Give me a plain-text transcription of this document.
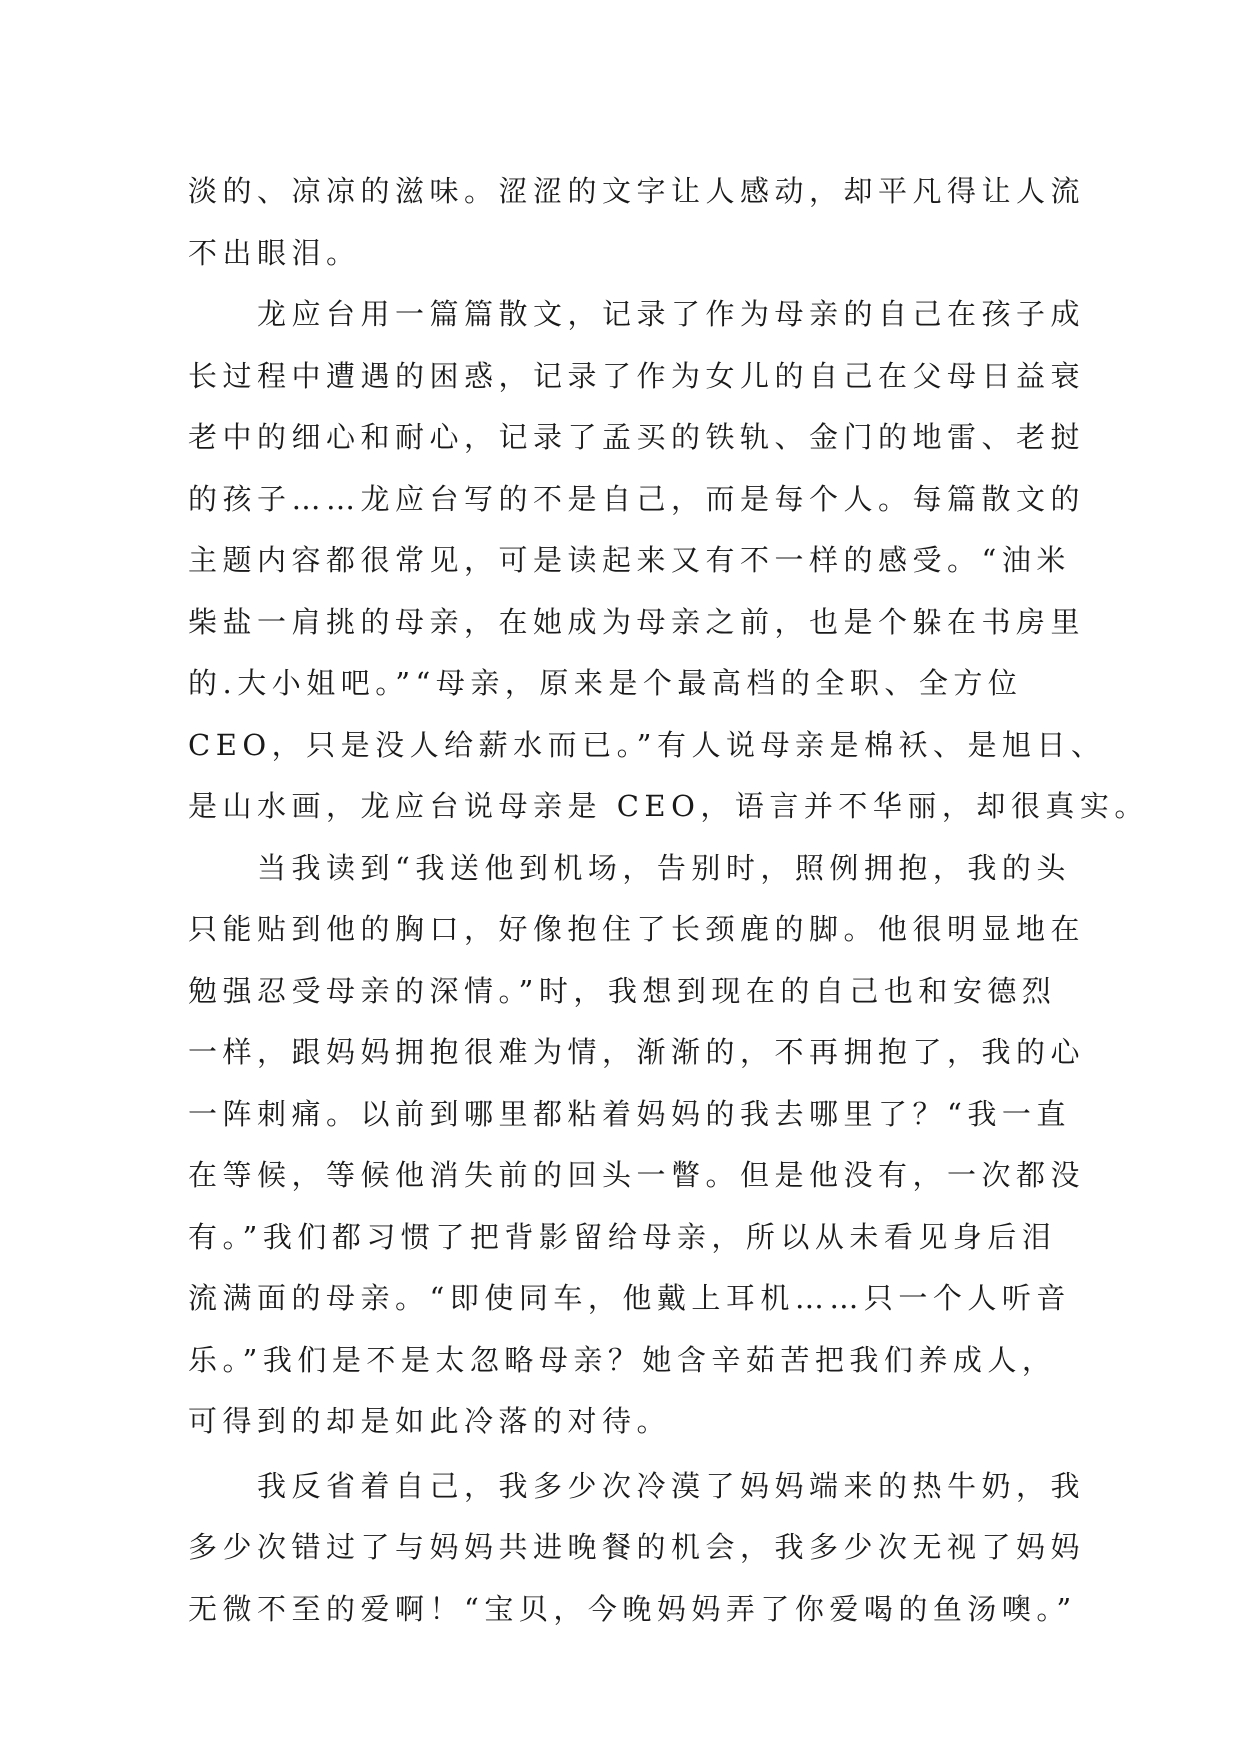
淡的、凉凉的滋味。涩涩的文字让人感动，却平凡得让人流
不出眼泪。
　　龙应台用一篇篇散文，记录了作为母亲的自己在孩子成
长过程中遭遇的困惑，记录了作为女儿的自己在父母日益衰
老中的细心和耐心，记录了孟买的铁轨、金门的地雷、老挝
的孩子……龙应台写的不是自己，而是每个人。每篇散文的
主题内容都很常见，可是读起来又有不一样的感受。“油米
柴盐一肩挑的母亲，在她成为母亲之前，也是个躲在书房里
的.大小姐吧。”“母亲，原来是个最高档的全职、全方位
CEO，只是没人给薪水而已。”有人说母亲是棉袄、是旭日、
是山水画，龙应台说母亲是 CEO，语言并不华丽，却很真实。
　　当我读到“我送他到机场，告别时，照例拥抱，我的头
只能贴到他的胸口，好像抱住了长颈鹿的脚。他很明显地在
勉强忍受母亲的深情。”时，我想到现在的自己也和安德烈
一样，跟妈妈拥抱很难为情，渐渐的，不再拥抱了，我的心
一阵刺痛。以前到哪里都粘着妈妈的我去哪里了？“我一直
在等候，等候他消失前的回头一瞥。但是他没有，一次都没
有。”我们都习惯了把背影留给母亲，所以从未看见身后泪
流满面的母亲。“即使同车，他戴上耳机……只一个人听音
乐。”我们是不是太忽略母亲？她含辛茹苦把我们养成人，
可得到的却是如此冷落的对待。
　　我反省着自己，我多少次冷漠了妈妈端来的热牛奶，我
多少次错过了与妈妈共进晚餐的机会，我多少次无视了妈妈
无微不至的爱啊！“宝贝，今晚妈妈弄了你爱喝的鱼汤噢。”
